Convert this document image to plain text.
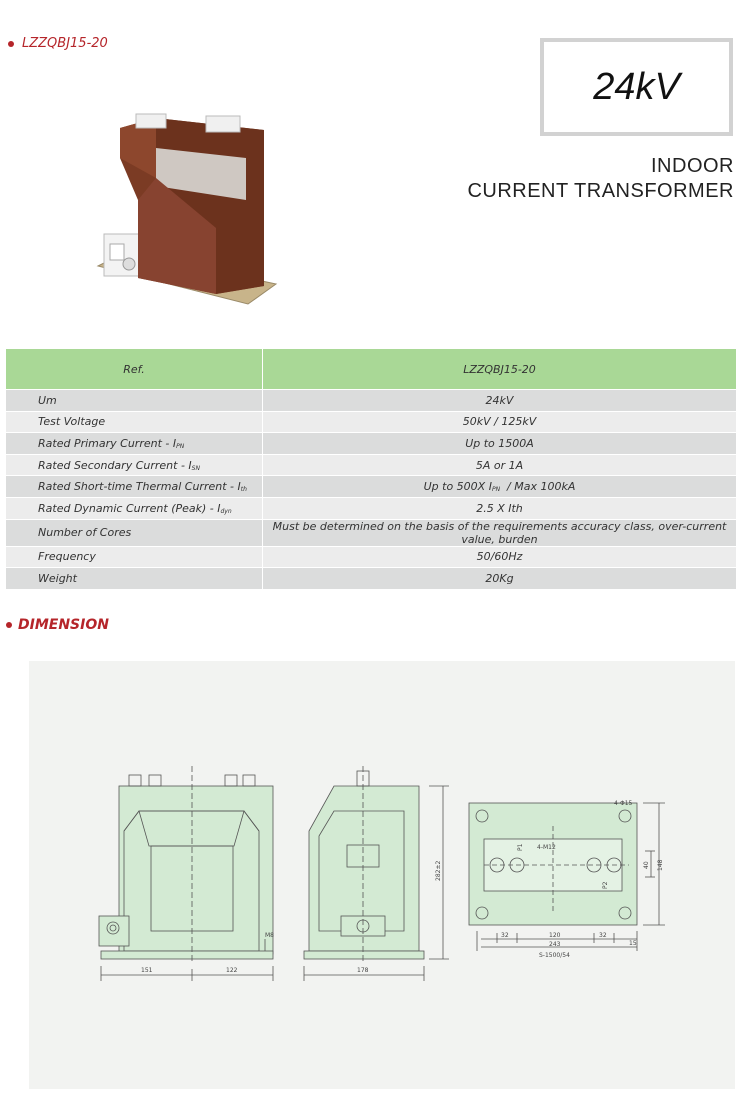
LZZQBJ15-20
24kV
INDOOR
CURRENT TRANSFORMER
Ref.	LZZQBJ15-20
Um	24kV
Test Voltage	50kV / 125kV
Rated Primary Current - $I_{PN}$	Up to 1500A
Rated Secondary Current - $I_{SN}$	5A or 1A
Rated Short-time Thermal Current - $I_{th}$	Up to 500X $I_{PN}$  / Max 100kA
Rated Dynamic Current (Peak) - $I_{dyn}$	2.5 X Ith
Number of Cores	Must be determined on the basis of the requirements accuracy class, over-current value, burden
Frequency	50/60Hz
Weight	20Kg
DIMENSION
151	122
M8
178
282±2
4-Φ15
4-M12
P1
P2
32	120	32
15
243
S-1500/54
40 148
